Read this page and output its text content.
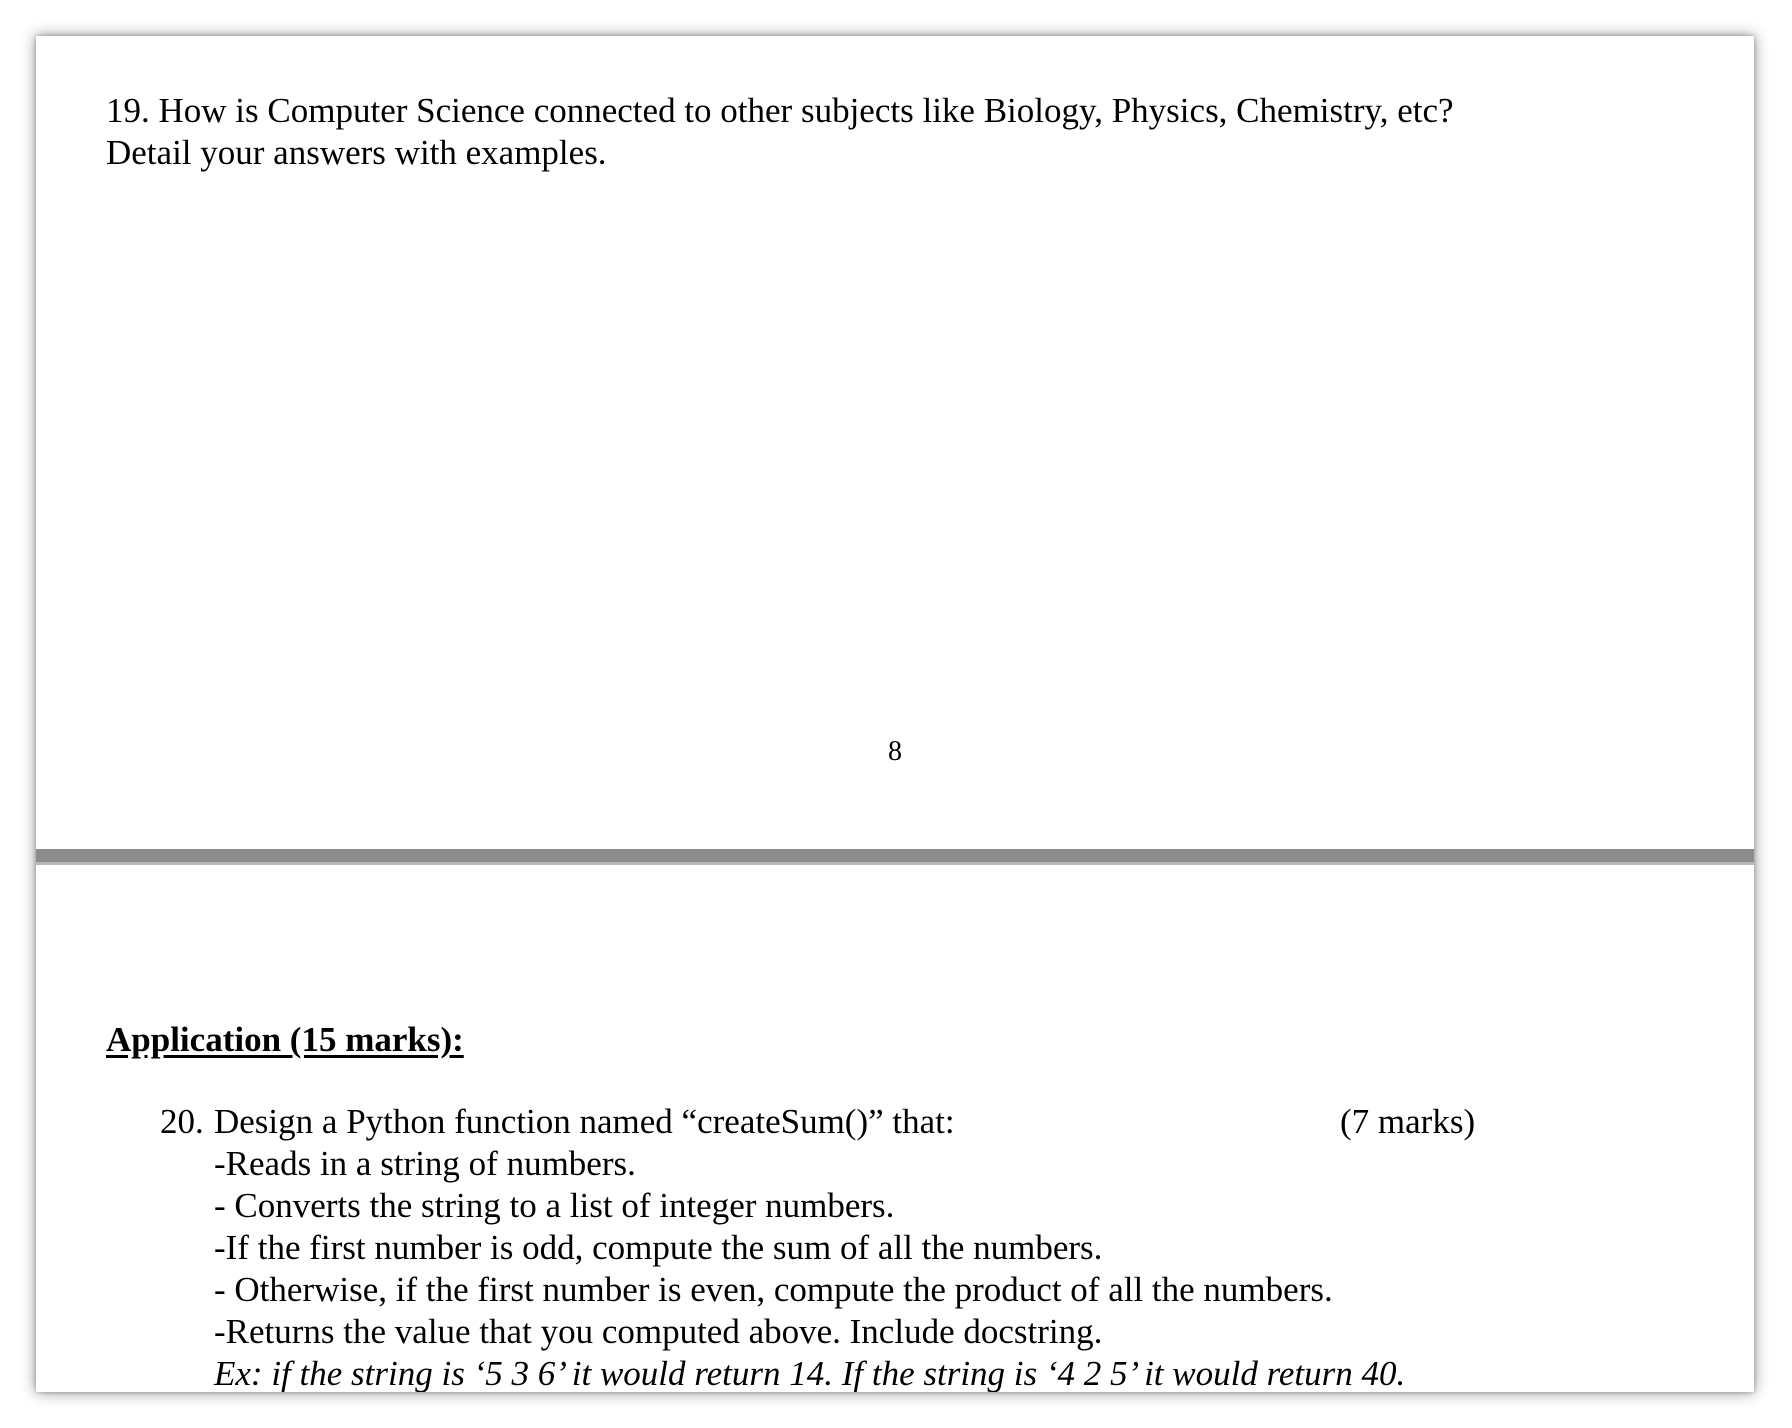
19. How is Computer Science connected to other subjects like Biology, Physics, Chemistry, etc?
Detail your answers with examples.
8
Application (15 marks):
20. Design a Python function named “createSum()” that:	(7 marks)
-Reads in a string of numbers.
- Converts the string to a list of integer numbers.
-If the first number is odd, compute the sum of all the numbers.
- Otherwise, if the first number is even, compute the product of all the numbers.
-Returns the value that you computed above. Include docstring.
Ex: if the string is ‘5 3 6’ it would return 14. If the string is ‘4 2 5’ it would return 40.
